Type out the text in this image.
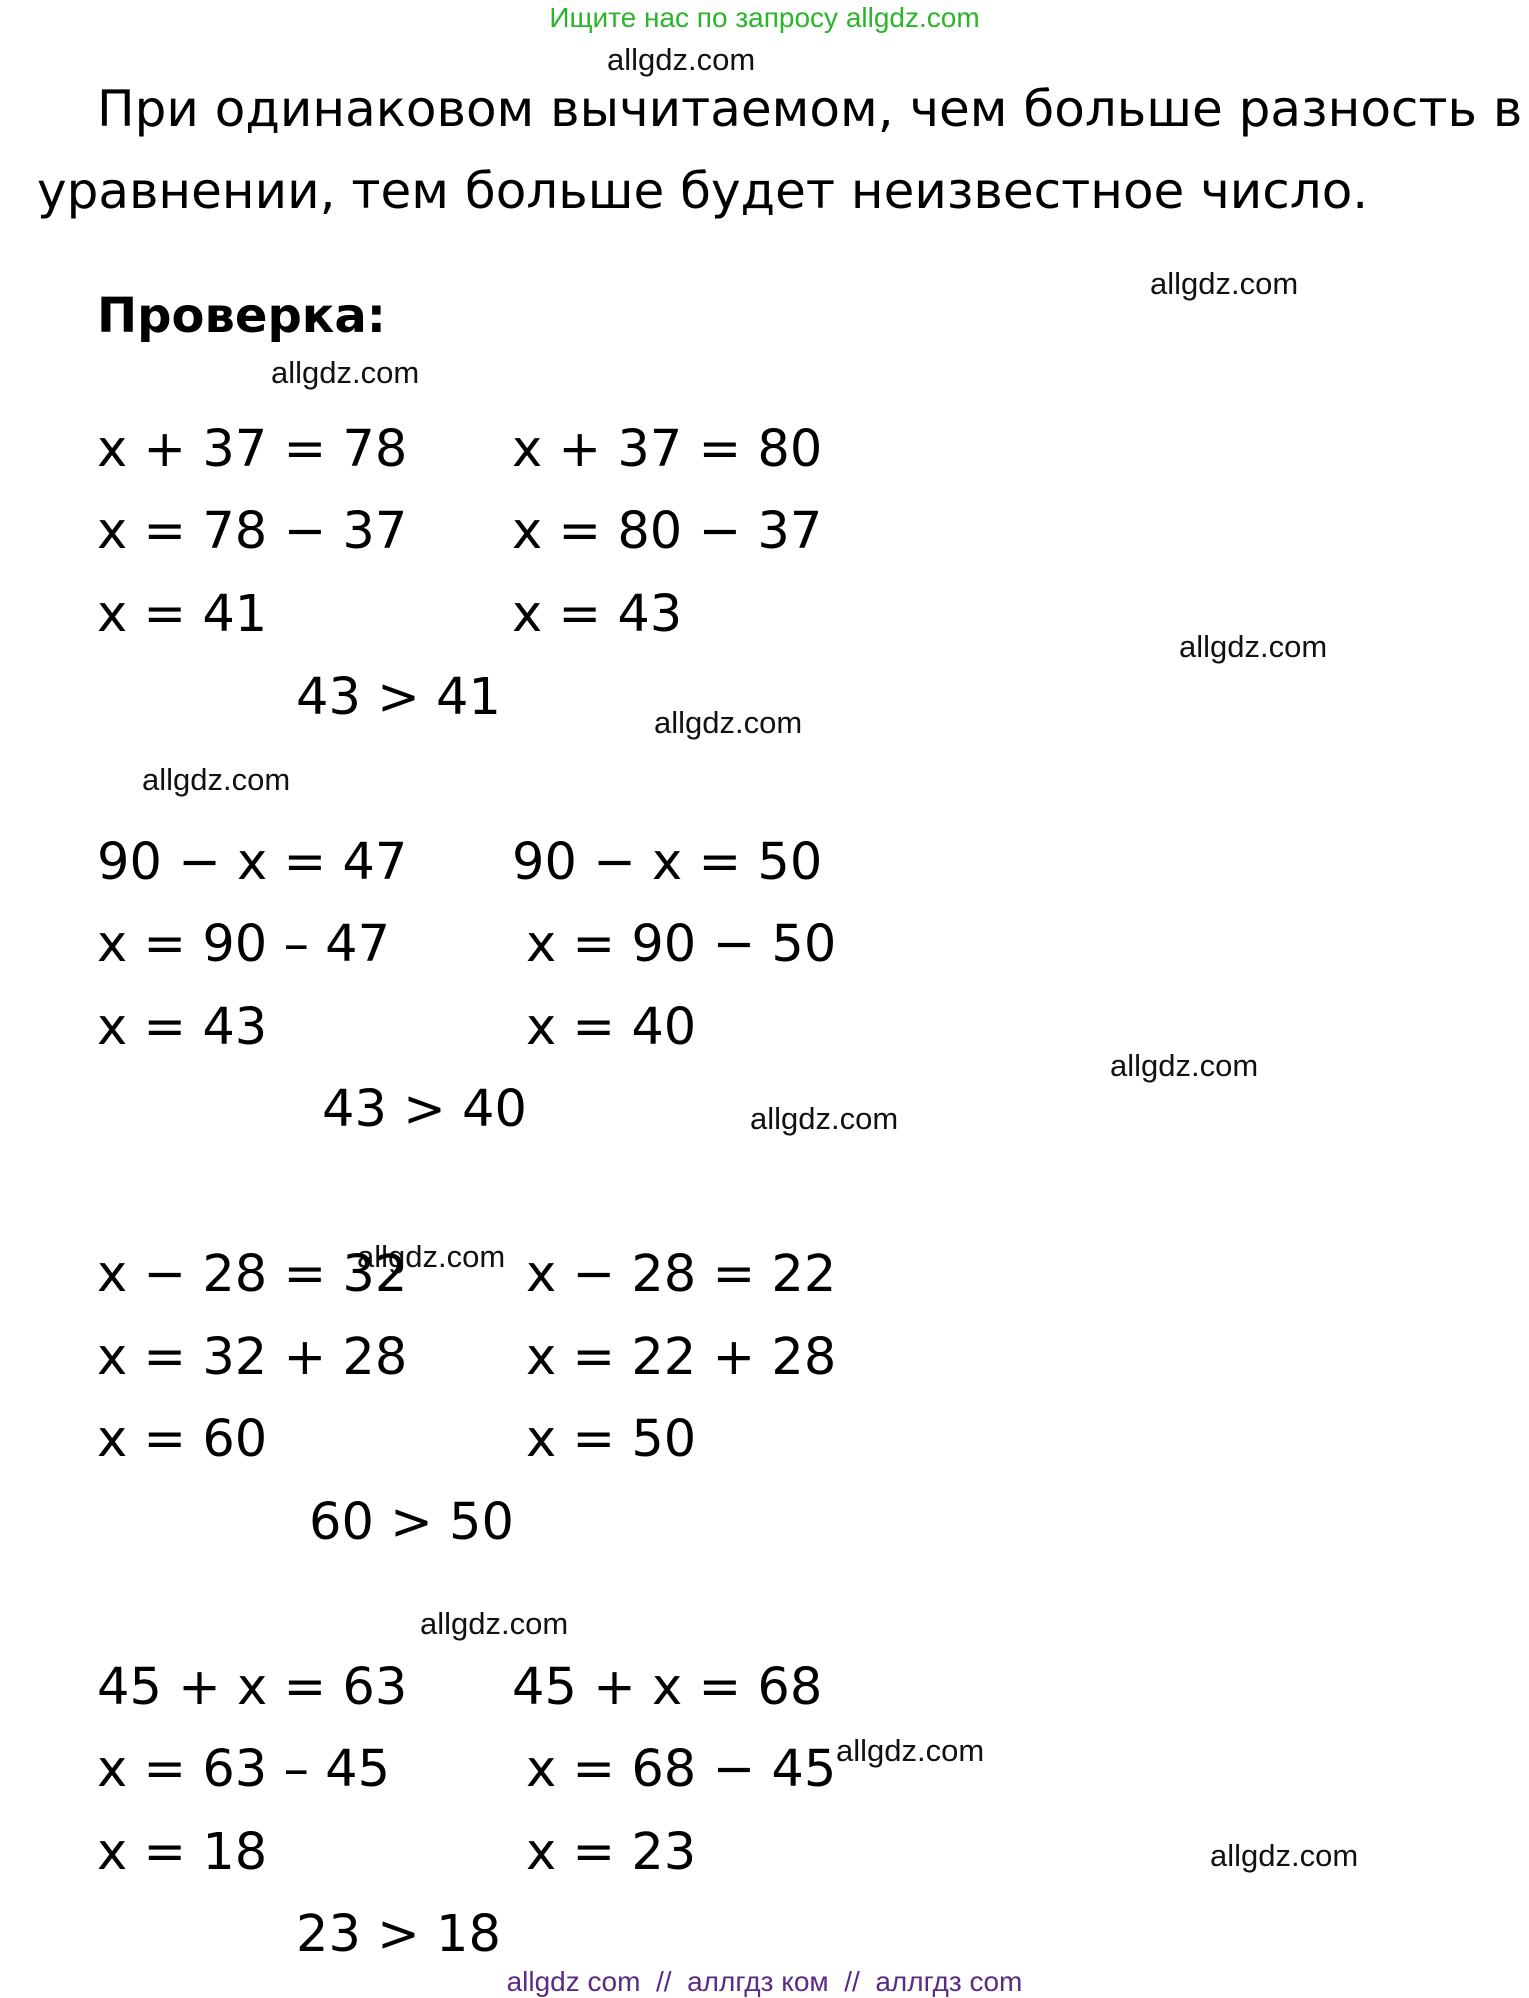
Ищите нас по запросу allgdz.com
allgdz.com
allgdz.com
allgdz.com
allgdz.com
allgdz.com
allgdz.com
allgdz.com
allgdz.com
allgdz.com
allgdz.com
allgdz.com
allgdz.com
При одинаковом вычитаемом, чем больше разность в
уравнении, тем больше будет неизвестное число.
Проверка:
x + 37 = 78
x = 78 − 37
x = 41
x + 37 = 80
x = 80 − 37
x = 43
43 > 41
90 − x = 47
x = 90 – 47
x = 43
90 − x = 50
x = 90 − 50
x = 40
43 > 40
x − 28 = 32
x = 32 + 28
x = 60
x − 28 = 22
x = 22 + 28
x = 50
60 > 50
45 + x = 63
x = 63 – 45
x = 18
45 + x = 68
x = 68 − 45
x = 23
23 > 18
allgdz com  //  аллгдз ком  //  аллгдз com
